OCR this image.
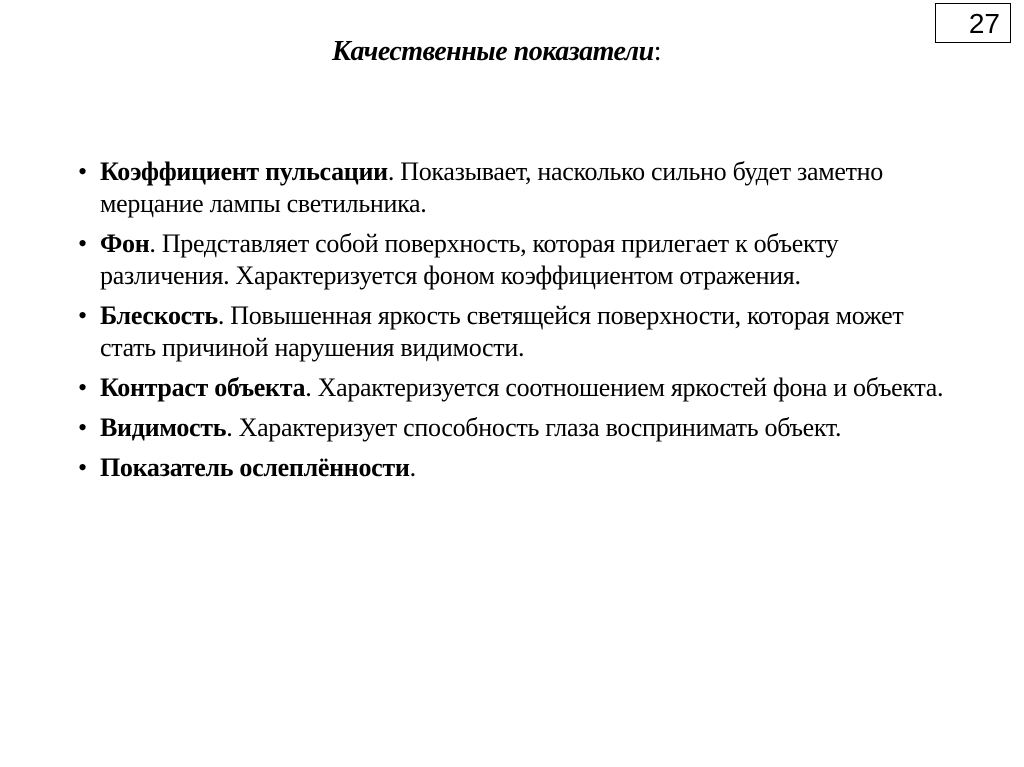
27
Качественные показатели:
• Коэффициент пульсации. Показывает, насколько сильно будет заметно мерцание лампы светильника.
• Фон. Представляет собой поверхность, которая прилегает к объекту различения. Характеризуется фоном коэффициентом отражения.
• Блескость. Повышенная яркость светящейся поверхности, которая может стать причиной нарушения видимости.
• Контраст объекта. Характеризуется соотношением яркостей фона и объекта.
• Видимость. Характеризует способность глаза воспринимать объект.
• Показатель ослеплённости.
